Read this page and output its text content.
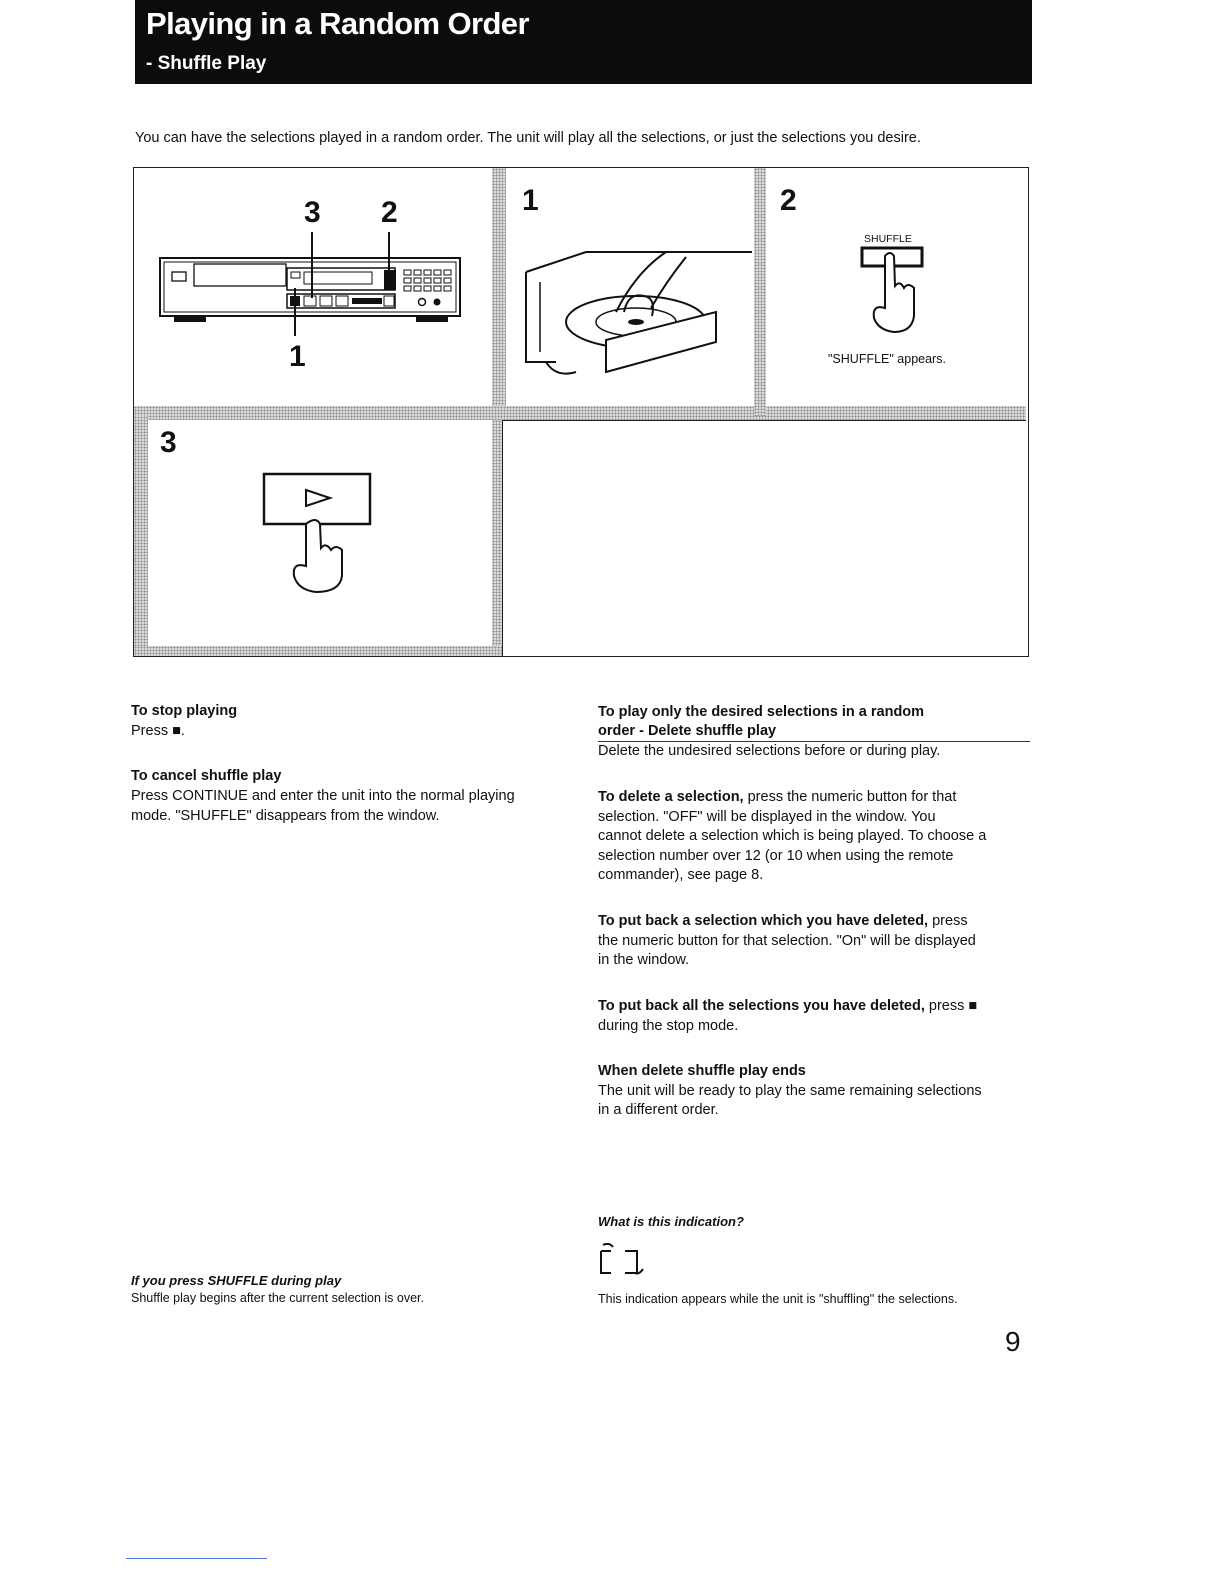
Playing in a Random Order
- Shuffle Play
You can have the selections played in a random order. The unit will play all the selections, or just the selections you desire.
3 2
1
1	2
SHUFFLE
"SHUFFLE" appears.
3
To stop playing
Press ■.
To cancel shuffle play
Press CONTINUE and enter the unit into the normal playing
mode. "SHUFFLE" disappears from the window.
If you press SHUFFLE during play
Shuffle play begins after the current selection is over.
To play only the desired selections in a random
order - Delete shuffle play
Delete the undesired selections before or during play.
To delete a selection, press the numeric button for that
selection. "OFF" will be displayed in the window. You
cannot delete a selection which is being played. To choose a
selection number over 12 (or 10 when using the remote
commander), see page 8.
To put back a selection which you have deleted, press
the numeric button for that selection. "On" will be displayed
in the window.
To put back all the selections you have deleted, press ■
during the stop mode.
When delete shuffle play ends
The unit will be ready to play the same remaining selections
in a different order.
What is this indication?
This indication appears while the unit is "shuffling" the selections.
9
